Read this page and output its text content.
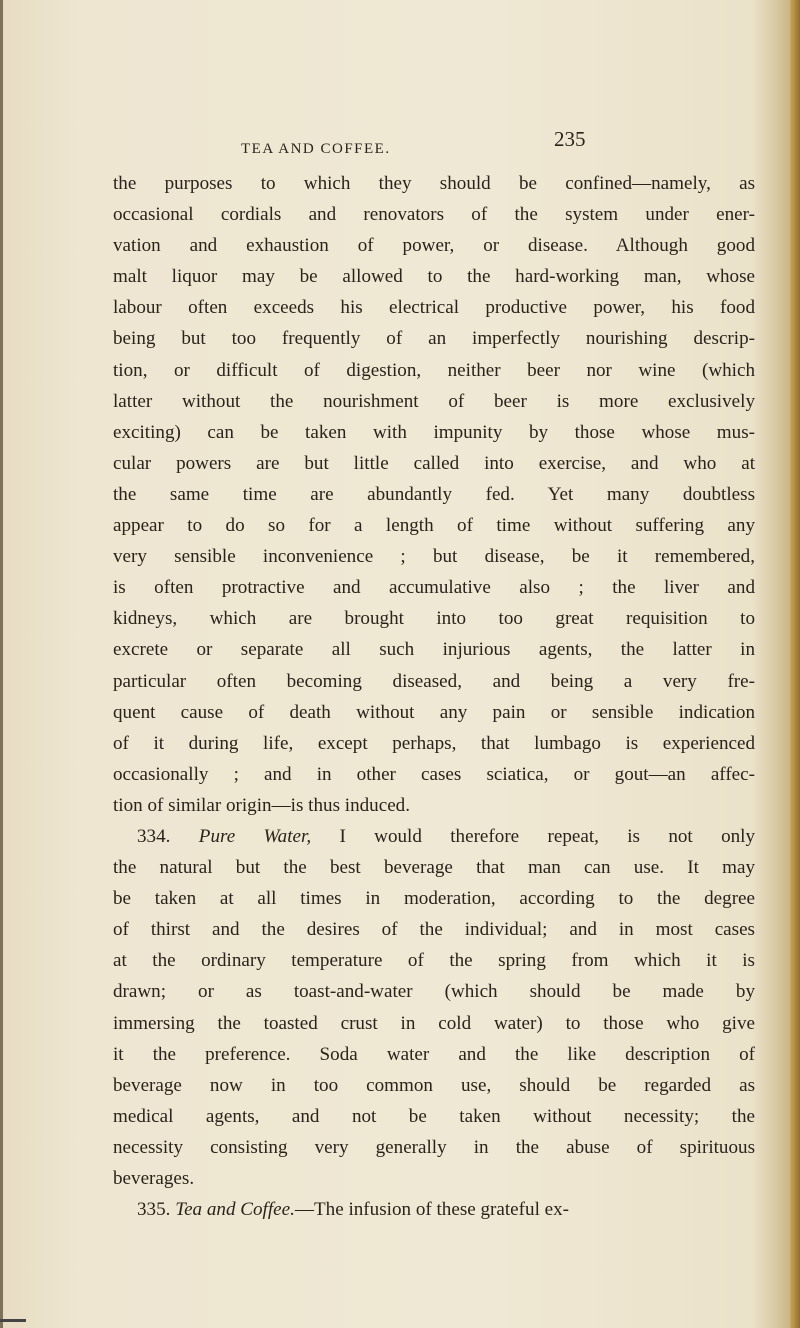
TEA AND COFFEE.	235
the purposes to which they should be confined—namely, as
occasional cordials and renovators of the system under ener-
vation and exhaustion of power, or disease. Although good
malt liquor may be allowed to the hard-working man, whose
labour often exceeds his electrical productive power, his food
being but too frequently of an imperfectly nourishing descrip-
tion, or difficult of digestion, neither beer nor wine (which
latter without the nourishment of beer is more exclusively
exciting) can be taken with impunity by those whose mus-
cular powers are but little called into exercise, and who at
the same time are abundantly fed. Yet many doubtless
appear to do so for a length of time without suffering any
very sensible inconvenience ; but disease, be it remembered,
is often protractive and accumulative also ; the liver and
kidneys, which are brought into too great requisition to
excrete or separate all such injurious agents, the latter in
particular often becoming diseased, and being a very fre-
quent cause of death without any pain or sensible indication
of it during life, except perhaps, that lumbago is experienced
occasionally ; and in other cases sciatica, or gout—an affec-
tion of similar origin—is thus induced.
334. Pure Water, I would therefore repeat, is not only
the natural but the best beverage that man can use. It may
be taken at all times in moderation, according to the degree
of thirst and the desires of the individual; and in most cases
at the ordinary temperature of the spring from which it is
drawn; or as toast-and-water (which should be made by
immersing the toasted crust in cold water) to those who give
it the preference. Soda water and the like description of
beverage now in too common use, should be regarded as
medical agents, and not be taken without necessity; the
necessity consisting very generally in the abuse of spirituous
beverages.
335. Tea and Coffee.—The infusion of these grateful ex-
